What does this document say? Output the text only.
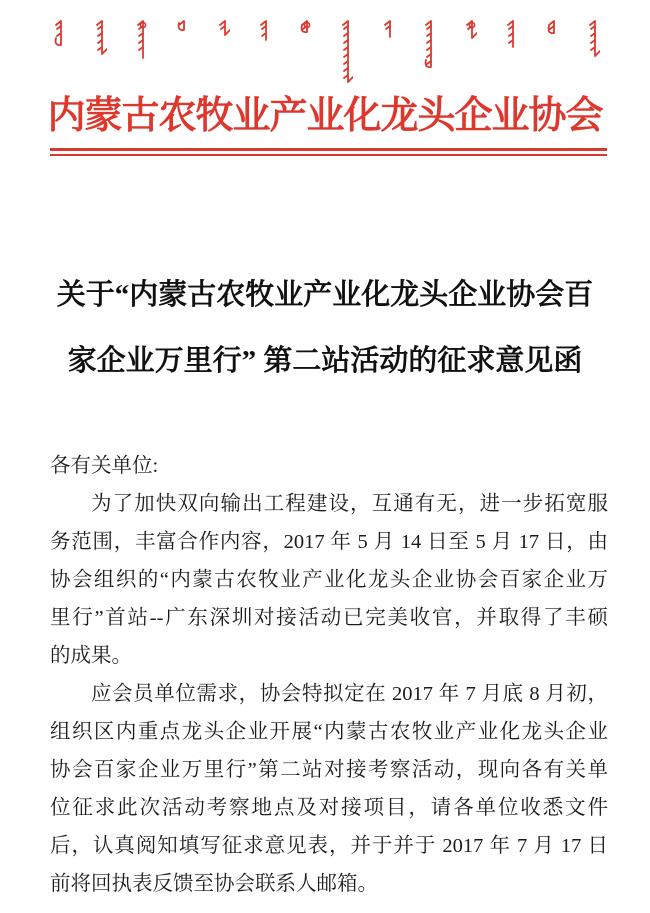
内蒙古农牧业产业化龙头企业协会
关于“内蒙古农牧业产业化龙头企业协会百
家企业万里行” 第二站活动的征求意见函
各有关单位:
为了加快双向输出工程建设，互通有无，进一步拓宽服
务范围，丰富合作内容，2017 年 5 月 14 日至 5 月 17 日，由
协会组织的“内蒙古农牧业产业化龙头企业协会百家企业万
里行”首站--广东深圳对接活动已完美收官，并取得了丰硕
的成果。
应会员单位需求，协会特拟定在 2017 年 7 月底 8 月初，
组织区内重点龙头企业开展“内蒙古农牧业产业化龙头企业
协会百家企业万里行”第二站对接考察活动，现向各有关单
位征求此次活动考察地点及对接项目，请各单位收悉文件
后，认真阅知填写征求意见表，并于并于 2017 年 7 月 17 日
前将回执表反馈至协会联系人邮箱。
